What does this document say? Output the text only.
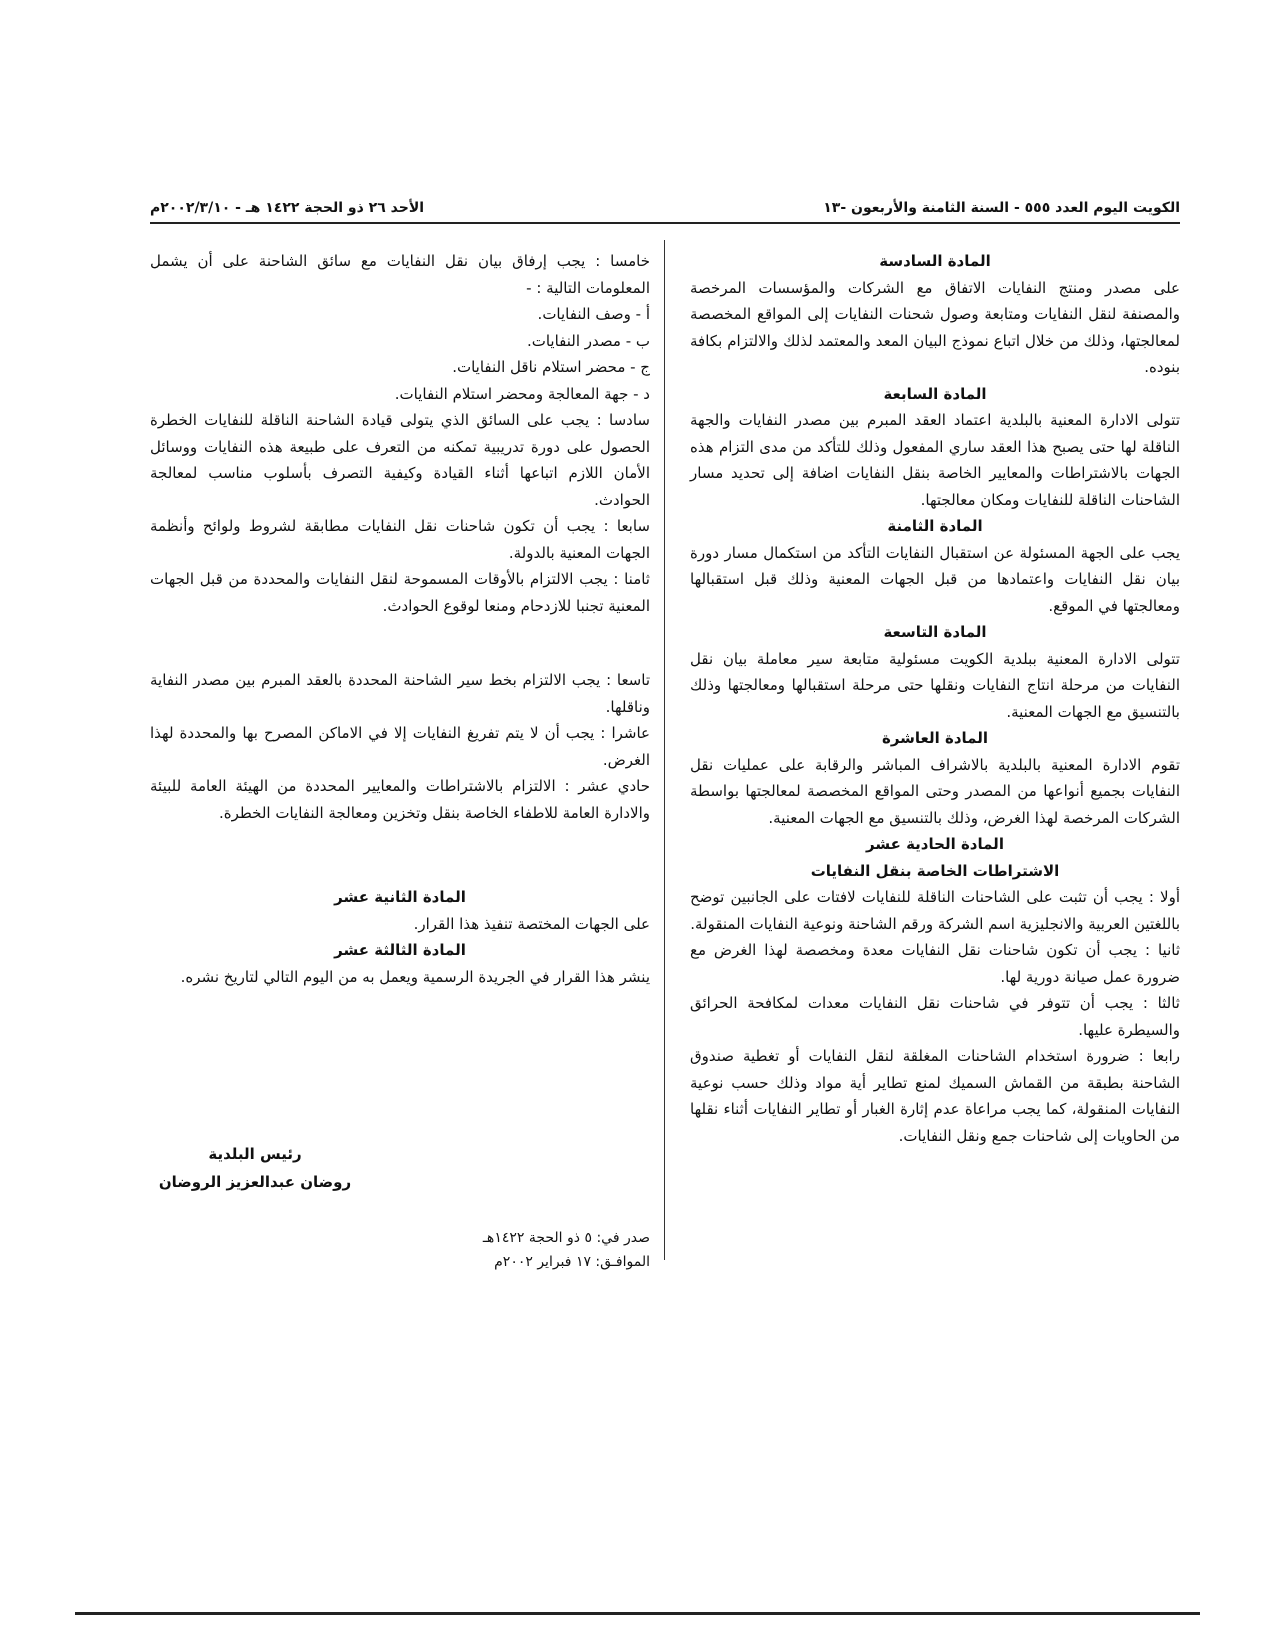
الكويت اليوم العدد ٥٥٥ - السنة الثامنة والأربعون -١٣
الأحد ٢٦ ذو الحجة ١٤٢٢ هـ - ٢٠٠٢/٣/١٠م

المادة السادسة

على مصدر ومنتج النفايات الاتفاق مع الشركات والمؤسسات المرخصة والمصنفة لنقل النفايات ومتابعة وصول شحنات النفايات إلى المواقع المخصصة لمعالجتها، وذلك من خلال اتباع نموذج البيان المعد والمعتمد لذلك والالتزام بكافة بنوده.

المادة السابعة

تتولى الادارة المعنية بالبلدية اعتماد العقد المبرم بين مصدر النفايات والجهة الناقلة لها حتى يصبح هذا العقد ساري المفعول وذلك للتأكد من مدى التزام هذه الجهات بالاشتراطات والمعايير الخاصة بنقل النفايات اضافة إلى تحديد مسار الشاحنات الناقلة للنفايات ومكان معالجتها.

المادة الثامنة

يجب على الجهة المسئولة عن استقبال النفايات التأكد من استكمال مسار دورة بيان نقل النفايات واعتمادها من قبل الجهات المعنية وذلك قبل استقبالها ومعالجتها في الموقع.

المادة التاسعة

تتولى الادارة المعنية ببلدية الكويت مسئولية متابعة سير معاملة بيان نقل النفايات من مرحلة انتاج النفايات ونقلها حتى مرحلة استقبالها ومعالجتها وذلك بالتنسيق مع الجهات المعنية.

المادة العاشرة

تقوم الادارة المعنية بالبلدية بالاشراف المباشر والرقابة على عمليات نقل النفايات بجميع أنواعها من المصدر وحتى المواقع المخصصة لمعالجتها بواسطة الشركات المرخصة لهذا الغرض، وذلك بالتنسيق مع الجهات المعنية.

المادة الحادية عشر

الاشتراطات الخاصة بنقل النفايات

أولا : يجب أن تثبت على الشاحنات الناقلة للنفايات لافتات على الجانبين توضح باللغتين العربية والانجليزية اسم الشركة ورقم الشاحنة ونوعية النفايات المنقولة.

ثانيا : يجب أن تكون شاحنات نقل النفايات معدة ومخصصة لهذا الغرض مع ضرورة عمل صيانة دورية لها.

ثالثا : يجب أن تتوفر في شاحنات نقل النفايات معدات لمكافحة الحرائق والسيطرة عليها.

رابعا : ضرورة استخدام الشاحنات المغلقة لنقل النفايات أو تغطية صندوق الشاحنة بطبقة من القماش السميك لمنع تطاير أية مواد وذلك حسب نوعية النفايات المنقولة، كما يجب مراعاة عدم إثارة الغبار أو تطاير النفايات أثناء نقلها من الحاويات إلى شاحنات جمع ونقل النفايات.

خامسا : يجب إرفاق بيان نقل النفايات مع سائق الشاحنة على أن يشمل المعلومات التالية : -

أ - وصف النفايات.

ب - مصدر النفايات.

ج - محضر استلام ناقل النفايات.

د - جهة المعالجة ومحضر استلام النفايات.

سادسا : يجب على السائق الذي يتولى قيادة الشاحنة الناقلة للنفايات الخطرة الحصول على دورة تدريبية تمكنه من التعرف على طبيعة هذه النفايات ووسائل الأمان اللازم اتباعها أثناء القيادة وكيفية التصرف بأسلوب مناسب لمعالجة الحوادث.

سابعا : يجب أن تكون شاحنات نقل النفايات مطابقة لشروط ولوائح وأنظمة الجهات المعنية بالدولة.

ثامنا : يجب الالتزام بالأوقات المسموحة لنقل النفايات والمحددة من قبل الجهات المعنية تجنبا للازدحام ومنعا لوقوع الحوادث.

تاسعا : يجب الالتزام بخط سير الشاحنة المحددة بالعقد المبرم بين مصدر النفاية وناقلها.

عاشرا : يجب أن لا يتم تفريغ النفايات إلا في الاماكن المصرح بها والمحددة لهذا الغرض.

حادي عشر : الالتزام بالاشتراطات والمعايير المحددة من الهيئة العامة للبيئة والادارة العامة للاطفاء الخاصة بنقل وتخزين ومعالجة النفايات الخطرة.

المادة الثانية عشر

على الجهات المختصة تنفيذ هذا القرار.

المادة الثالثة عشر

ينشر هذا القرار في الجريدة الرسمية ويعمل به من اليوم التالي لتاريخ نشره.

رئيس البلدية
روضان عبدالعزيز الروضان
صدر في: ٥ ذو الحجة ١٤٢٢هـ
الموافـق: ١٧ فبراير ٢٠٠٢م
